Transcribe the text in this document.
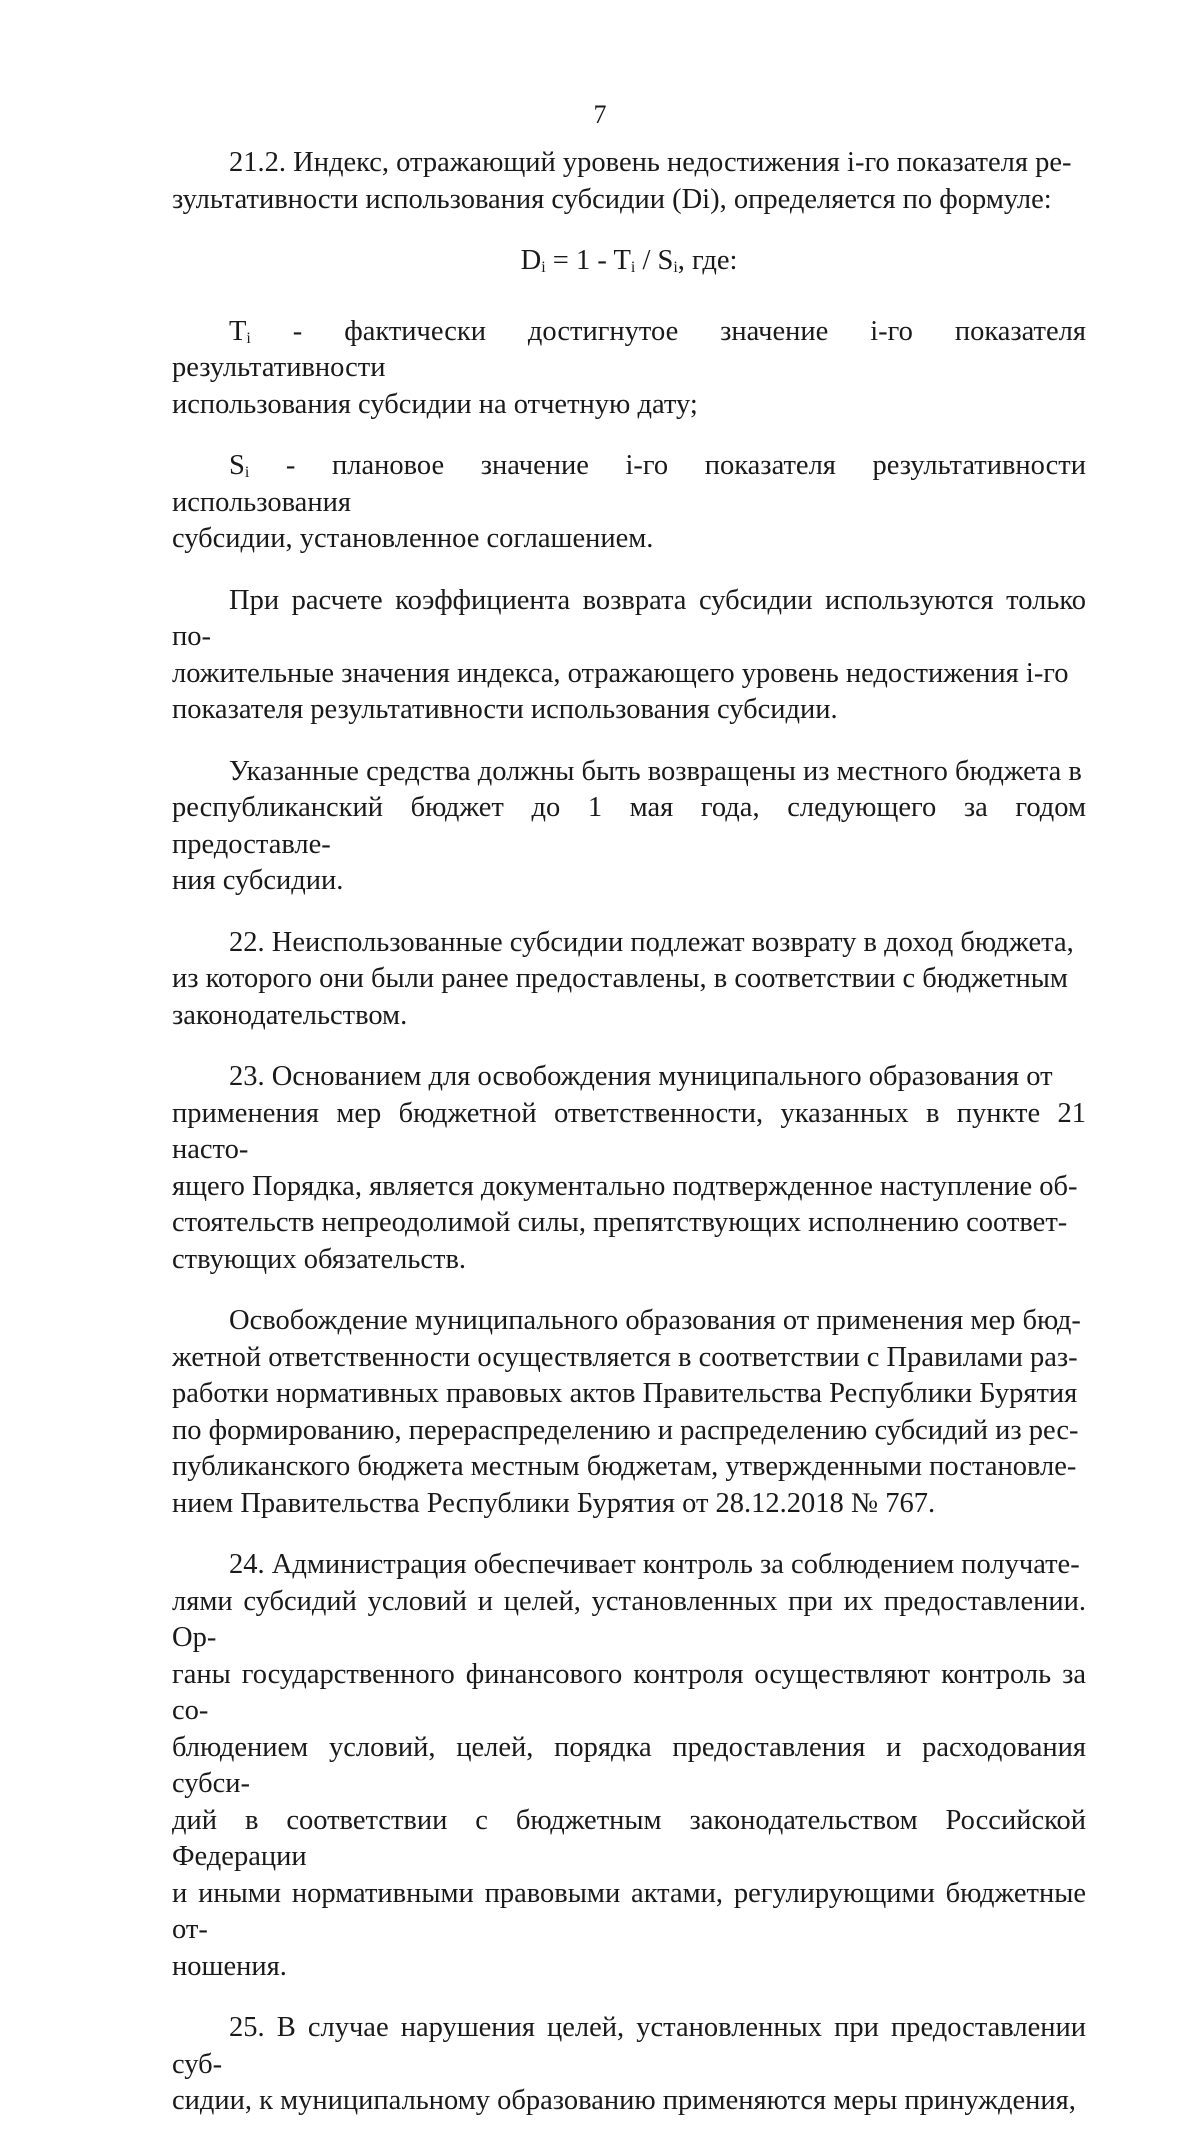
7

21.2. Индекс, отражающий уровень недостижения i-го показателя ре-
зультативности использования субсидии (Di), определяется по формуле:

$D_i = 1 - T_i / S_i$, где:

$T_i$ - фактически достигнутое значение i-го показателя результативности
использования субсидии на отчетную дату;

$S_i$ - плановое значение i-го показателя результативности использования
субсидии, установленное соглашением.

При расчете коэффициента возврата субсидии используются только по-
ложительные значения индекса, отражающего уровень недостижения i-го
показателя результативности использования субсидии.

Указанные средства должны быть возвращены из местного бюджета в
республиканский бюджет до 1 мая года, следующего за годом предоставле-
ния субсидии.

22. Неиспользованные субсидии подлежат возврату в доход бюджета,
из которого они были ранее предоставлены, в соответствии с бюджетным
законодательством.

23. Основанием для освобождения муниципального образования от
применения мер бюджетной ответственности, указанных в пункте 21 насто-
ящего Порядка, является документально подтвержденное наступление об-
стоятельств непреодолимой силы, препятствующих исполнению соответ-
ствующих обязательств.

Освобождение муниципального образования от применения мер бюд-
жетной ответственности осуществляется в соответствии с Правилами раз-
работки нормативных правовых актов Правительства Республики Бурятия
по формированию, перераспределению и распределению субсидий из рес-
публиканского бюджета местным бюджетам, утвержденными постановле-
нием Правительства Республики Бурятия от 28.12.2018 № 767.

24. Администрация обеспечивает контроль за соблюдением получате-
лями субсидий условий и целей, установленных при их предоставлении. Ор-
ганы государственного финансового контроля осуществляют контроль за со-
блюдением условий, целей, порядка предоставления и расходования субси-
дий в соответствии с бюджетным законодательством Российской Федерации
и иными нормативными правовыми актами, регулирующими бюджетные от-
ношения.

25. В случае нарушения целей, установленных при предоставлении суб-
сидии, к муниципальному образованию применяются меры принуждения,
